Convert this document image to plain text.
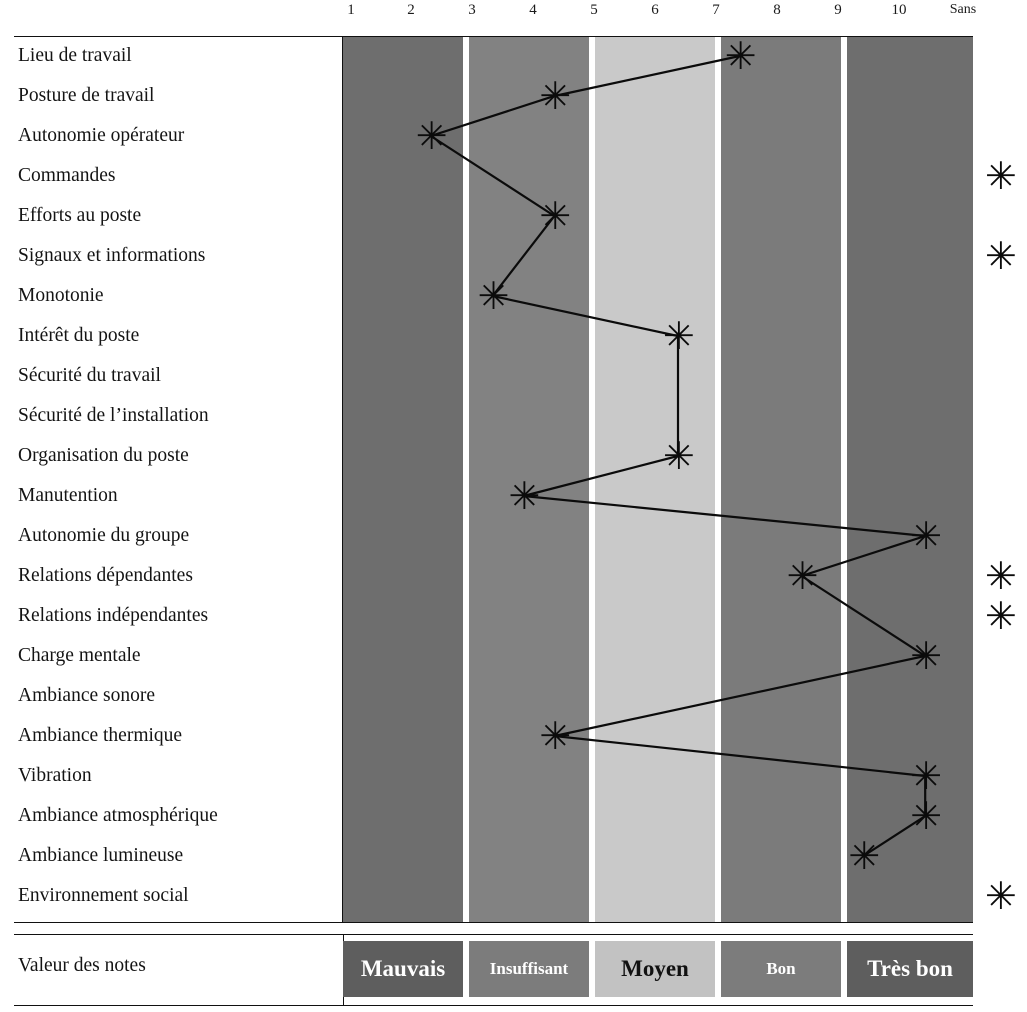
1	2	3	4	5	6	7	8	9	10	Sans
Lieu de travail
Posture de travail
Autonomie opérateur
Commandes
Efforts au poste
Signaux et informations
Monotonie
Intérêt du poste
Sécurité du travail
Sécurité de l’installation
Organisation du poste
Manutention
Autonomie du groupe
Relations dépendantes
Relations indépendantes
Charge mentale
Ambiance sonore
Ambiance thermique
Vibration
Ambiance atmosphérique
Ambiance lumineuse
Environnement social
✳
✳
✳
✳
✳
✳
✳
✳
✳
✳
✳
✳	✳
✳
✳
✳
✳
✳
✳
✳
Valeur des notes	Mauvais	Insuffisant	Moyen	Bon	Très bon
